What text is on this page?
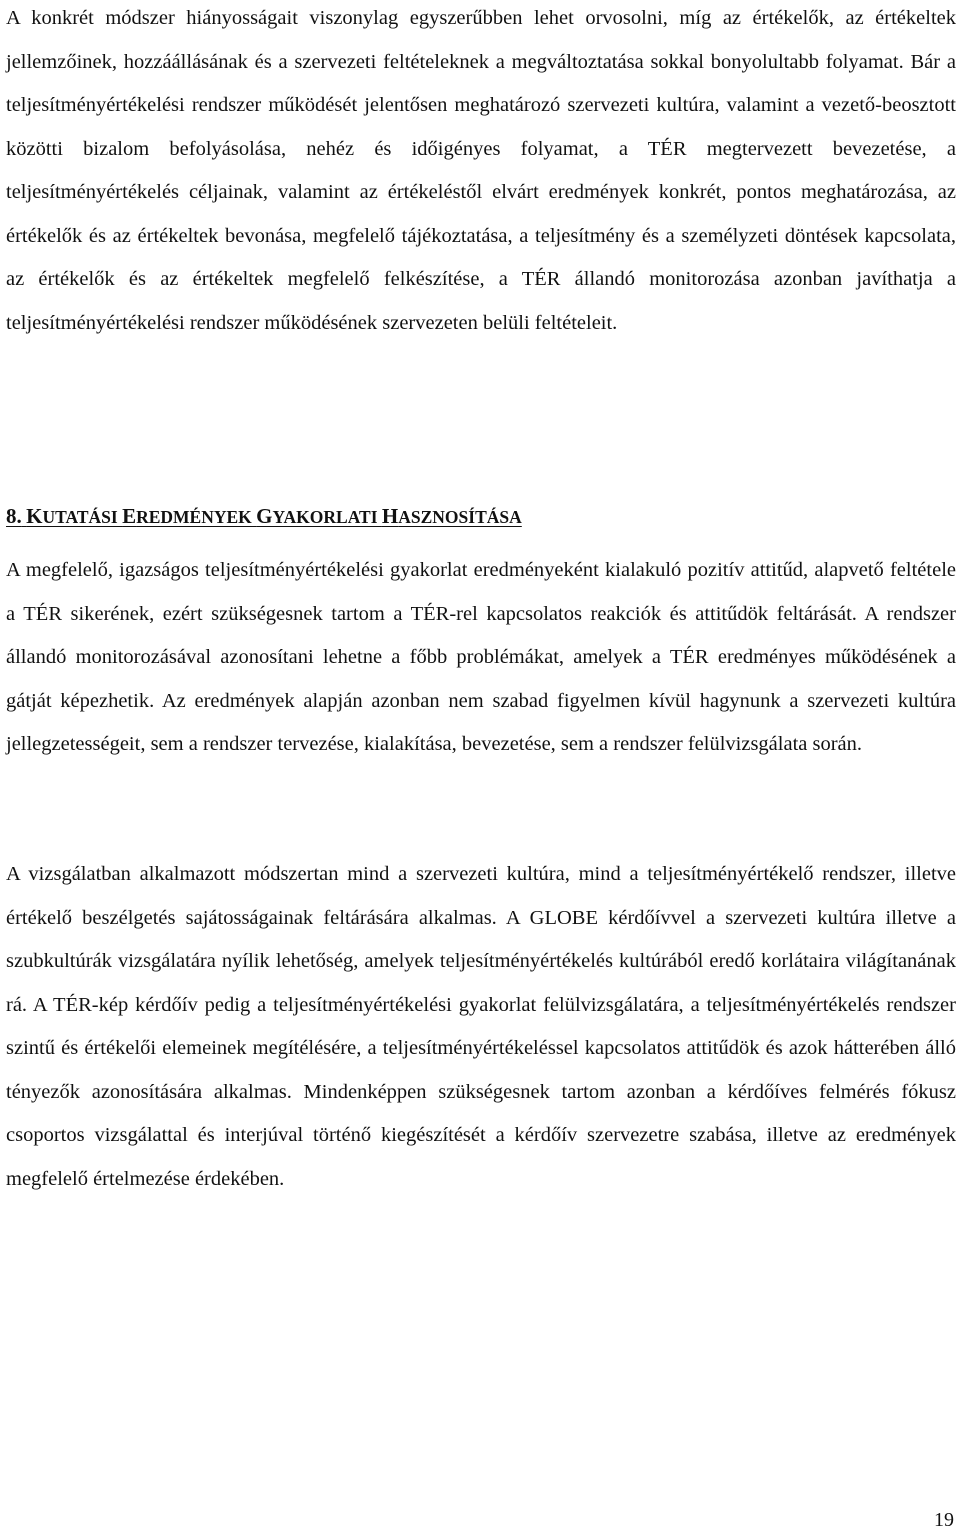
A konkrét módszer hiányosságait viszonylag egyszerűbben lehet orvosolni, míg az értékelők, az értékeltek jellemzőinek, hozzáállásának és a szervezeti feltételeknek a megváltoztatása sokkal bonyolultabb folyamat. Bár a teljesítményértékelési rendszer működését jelentősen meghatározó szervezeti kultúra, valamint a vezető-beosztott közötti bizalom befolyásolása, nehéz és időigényes folyamat, a TÉR megtervezett bevezetése, a teljesítményértékelés céljainak, valamint az értékeléstől elvárt eredmények konkrét, pontos meghatározása, az értékelők és az értékeltek bevonása, megfelelő tájékoztatása, a teljesítmény és a személyzeti döntések kapcsolata, az értékelők és az értékeltek megfelelő felkészítése, a TÉR állandó monitorozása azonban javíthatja a teljesítményértékelési rendszer működésének szervezeten belüli feltételeit.

8. KUTATÁSI EREDMÉNYEK GYAKORLATI HASZNOSÍTÁSA

A megfelelő, igazságos teljesítményértékelési gyakorlat eredményeként kialakuló pozitív attitűd, alapvető feltétele a TÉR sikerének, ezért szükségesnek tartom a TÉR-rel kapcsolatos reakciók és attitűdök feltárását. A rendszer állandó monitorozásával azonosítani lehetne a főbb problémákat, amelyek a TÉR eredményes működésének a gátját képezhetik. Az eredmények alapján azonban nem szabad figyelmen kívül hagynunk a szervezeti kultúra jellegzetességeit, sem a rendszer tervezése, kialakítása, bevezetése, sem a rendszer felülvizsgálata során.

A vizsgálatban alkalmazott módszertan mind a szervezeti kultúra, mind a teljesítményértékelő rendszer, illetve értékelő beszélgetés sajátosságainak feltárására alkalmas. A GLOBE kérdőívvel a szervezeti kultúra illetve a szubkultúrák vizsgálatára nyílik lehetőség, amelyek teljesítményértékelés kultúrából eredő korlátaira világítanának rá. A TÉR-kép kérdőív pedig a teljesítményértékelési gyakorlat felülvizsgálatára, a teljesítményértékelés rendszer szintű és értékelői elemeinek megítélésére, a teljesítményértékeléssel kapcsolatos attitűdök és azok hátterében álló tényezők azonosítására alkalmas. Mindenképpen szükségesnek tartom azonban a kérdőíves felmérés fókusz csoportos vizsgálattal és interjúval történő kiegészítését a kérdőív szervezetre szabása, illetve az eredmények megfelelő értelmezése érdekében.

19
